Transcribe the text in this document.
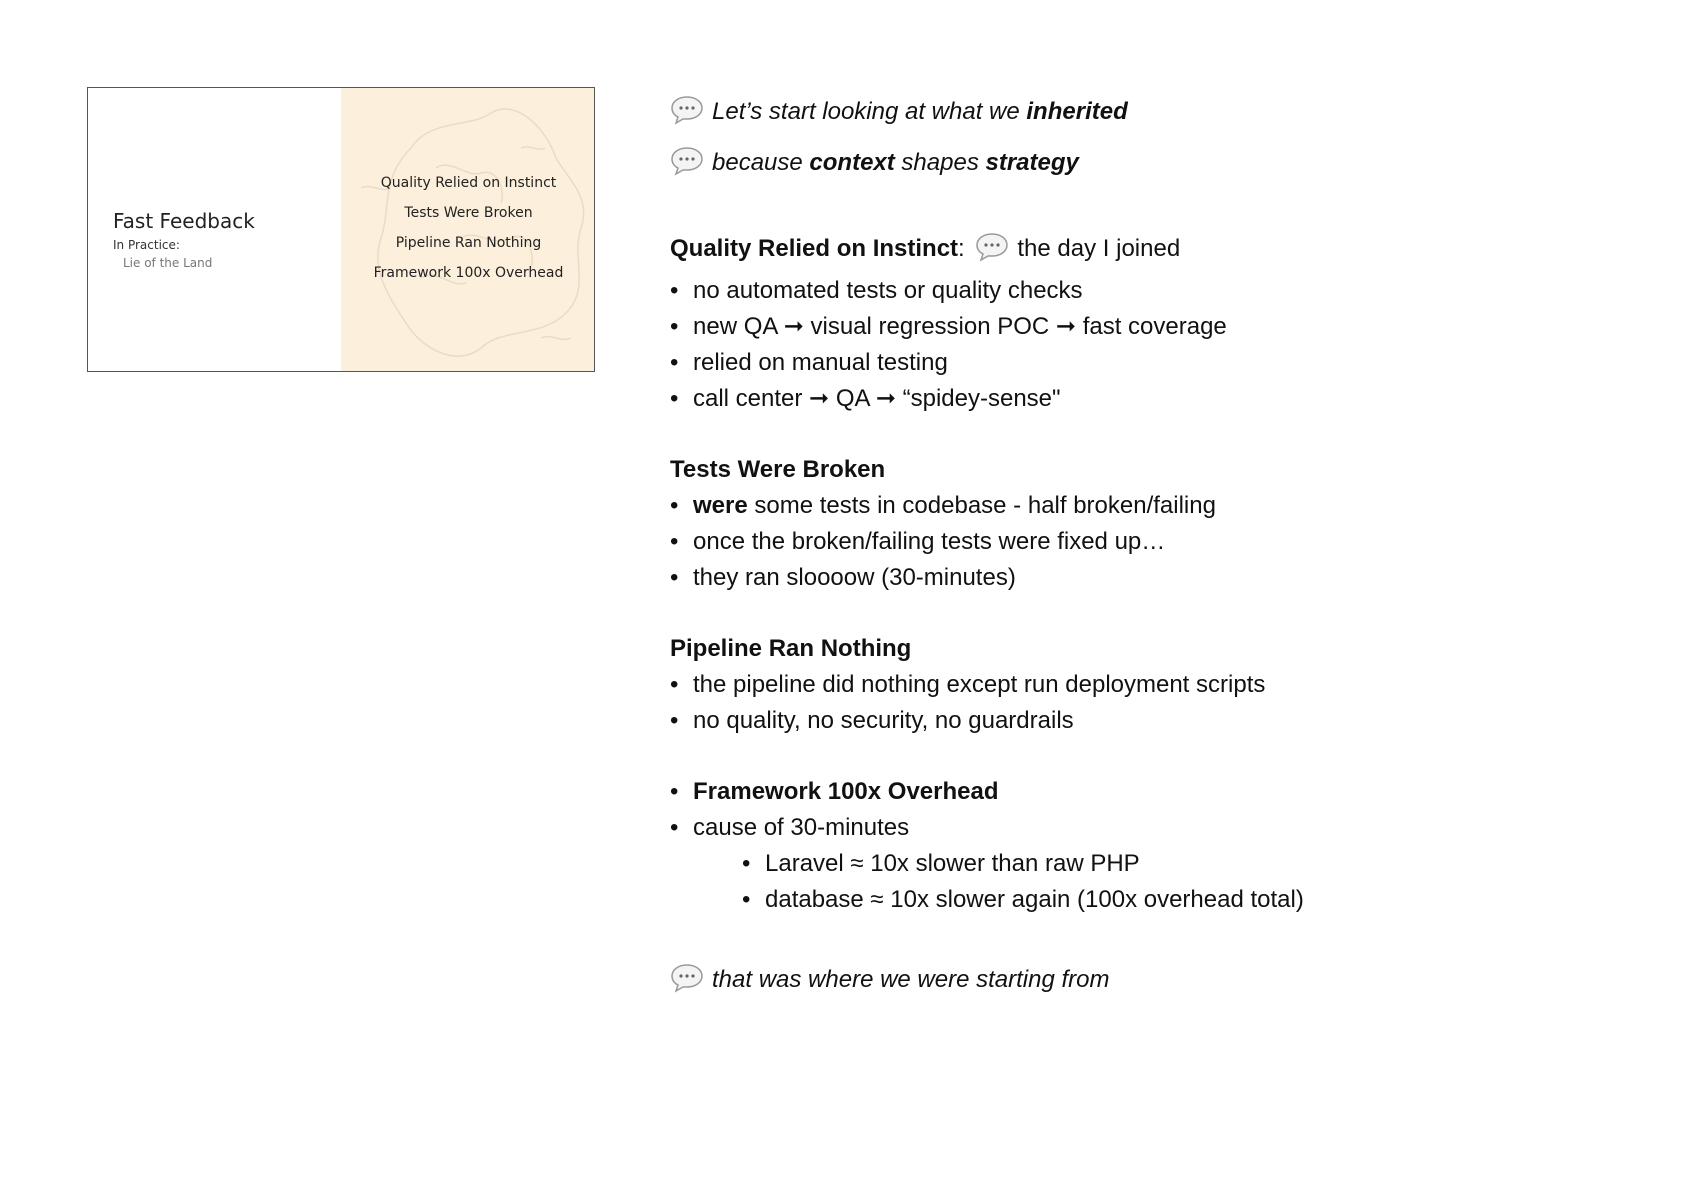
Fast Feedback
In Practice:
Lie of the Land
Quality Relied on Instinct
Tests Were Broken
Pipeline Ran Nothing
Framework 100x Overhead
Let’s start looking at what we inherited
because context shapes strategy
Quality Relied on Instinct: the day I joined
• no automated tests or quality checks
• new QA ➞ visual regression POC ➞ fast coverage
• relied on manual testing
• call center ➞ QA ➞ “spidey-sense"
Tests Were Broken
• were some tests in codebase - half broken/failing
• once the broken/failing tests were fixed up…
• they ran sloooow (30-minutes)
Pipeline Ran Nothing
• the pipeline did nothing except run deployment scripts
• no quality, no security, no guardrails
• Framework 100x Overhead
• cause of 30-minutes
• Laravel ≈ 10x slower than raw PHP
• database ≈ 10x slower again (100x overhead total)
that was where we were starting from
